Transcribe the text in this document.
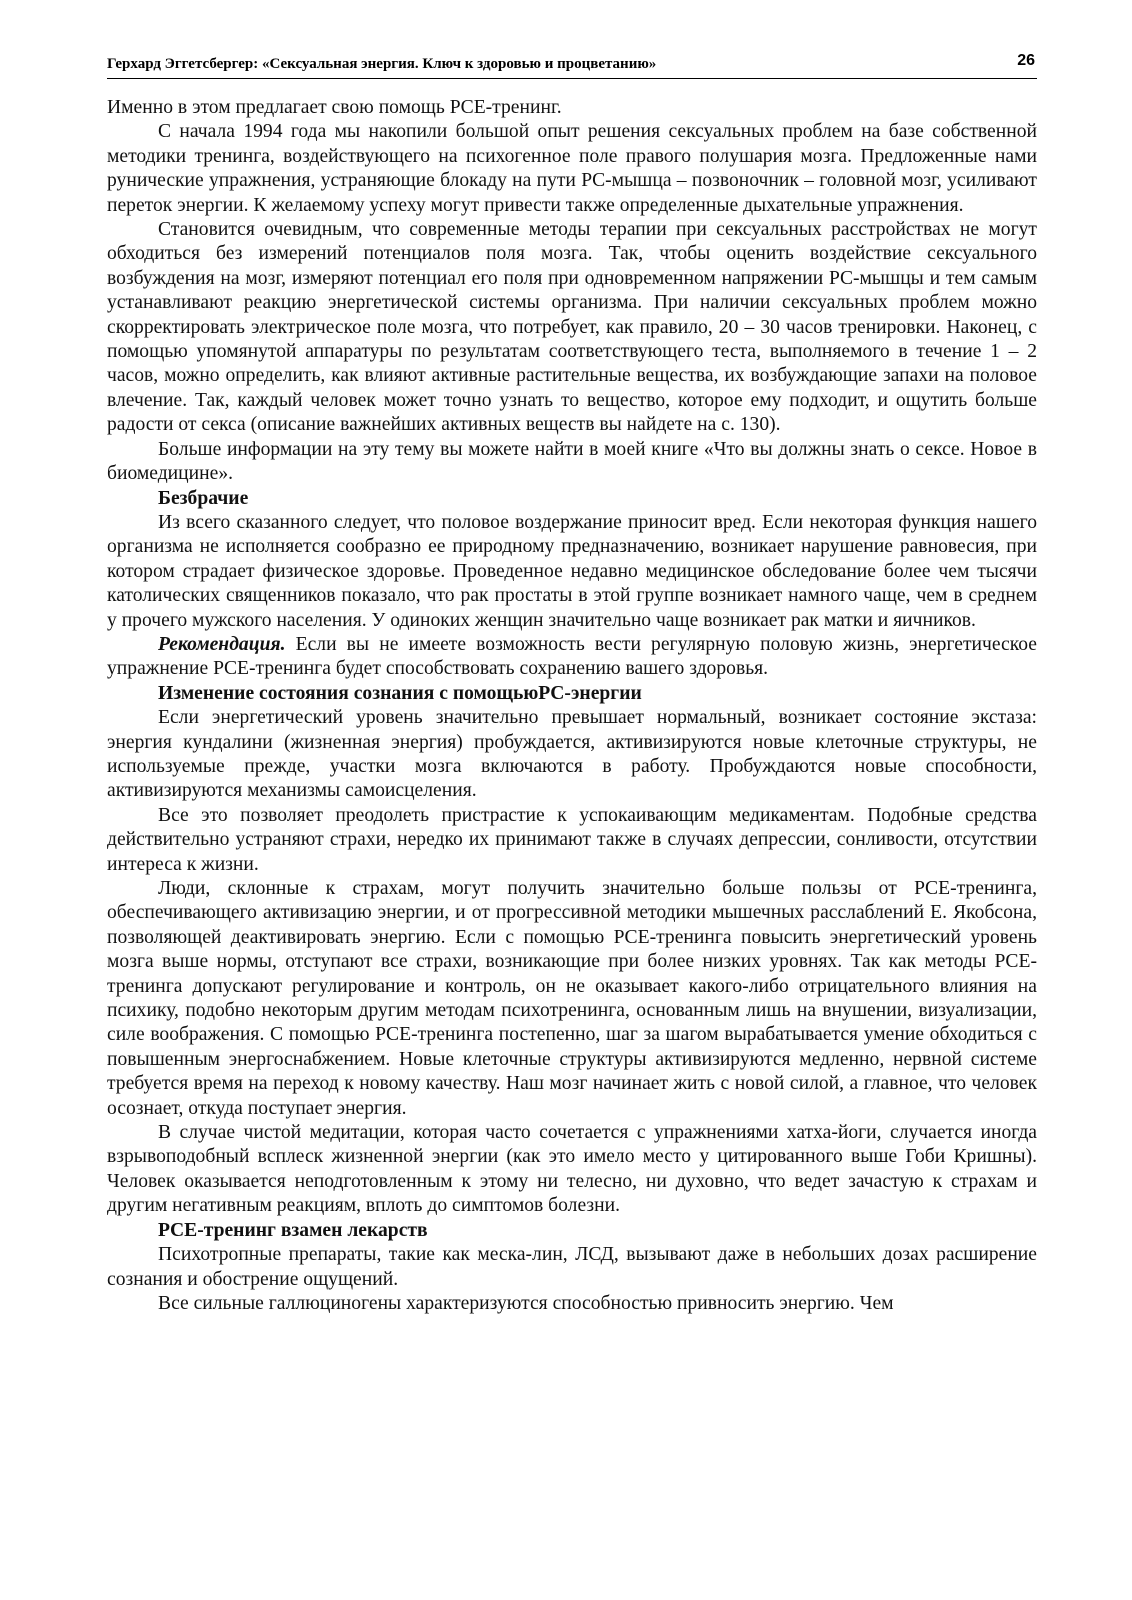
Герхард Эггетсбергер: «Сексуальная энергия. Ключ к здоровью и процветанию»	26

Именно в этом предлагает свою помощь PCE-тренинг.

С начала 1994 года мы накопили большой опыт решения сексуальных проблем на базе собственной методики тренинга, воздействующего на психогенное поле правого полушария мозга. Предложенные нами рунические упражнения, устраняющие блокаду на пути PC-мышца – позвоночник – головной мозг, усиливают переток энергии. К желаемому успеху могут привести также определенные дыхательные упражнения.

Становится очевидным, что современные методы терапии при сексуальных расстройствах не могут обходиться без измерений потенциалов поля мозга. Так, чтобы оценить воздействие сексуального возбуждения на мозг, измеряют потенциал его поля при одновременном напряжении PC-мышцы и тем самым устанавливают реакцию энергетической системы организма. При наличии сексуальных проблем можно скорректировать электрическое поле мозга, что потребует, как правило, 20 – 30 часов тренировки. Наконец, с помощью упомянутой аппаратуры по результатам соответствующего теста, выполняемого в течение 1 – 2 часов, можно определить, как влияют активные растительные вещества, их возбуждающие запахи на половое влечение. Так, каждый человек может точно узнать то вещество, которое ему подходит, и ощутить больше радости от секса (описание важнейших активных веществ вы найдете на с. 130).

Больше информации на эту тему вы можете найти в моей книге «Что вы должны знать о сексе. Новое в биомедицине».

Безбрачие

Из всего сказанного следует, что половое воздержание приносит вред. Если некоторая функция нашего организма не исполняется сообразно ее природному предназначению, возникает нарушение равновесия, при котором страдает физическое здоровье. Проведенное недавно медицинское обследование более чем тысячи католических священников показало, что рак простаты в этой группе возникает намного чаще, чем в среднем у прочего мужского населения. У одиноких женщин значительно чаще возникает рак матки и яичников.

Рекомендация. Если вы не имеете возможность вести регулярную половую жизнь, энергетическое упражнение PCE-тренинга будет способствовать сохранению вашего здоровья.

Изменение состояния сознания с помощьюPC-энергии

Если энергетический уровень значительно превышает нормальный, возникает состояние экстаза: энергия кундалини (жизненная энергия) пробуждается, активизируются новые клеточные структуры, не используемые прежде, участки мозга включаются в работу. Пробуждаются новые способности, активизируются механизмы самоисцеления.

Все это позволяет преодолеть пристрастие к успокаивающим медикаментам. Подобные средства действительно устраняют страхи, нередко их принимают также в случаях депрессии, сонливости, отсутствии интереса к жизни.

Люди, склонные к страхам, могут получить значительно больше пользы от PCE-тренинга, обеспечивающего активизацию энергии, и от прогрессивной методики мышечных расслаблений Е. Якобсона, позволяющей деактивировать энергию. Если с помощью PCE-тренинга повысить энергетический уровень мозга выше нормы, отступают все страхи, возникающие при более низких уровнях. Так как методы PCE-тренинга допускают регулирование и контроль, он не оказывает какого-либо отрицательного влияния на психику, подобно некоторым другим методам психотренинга, основанным лишь на внушении, визуализации, силе воображения. С помощью PCE-тренинга постепенно, шаг за шагом вырабатывается умение обходиться с повышенным энергоснабжением. Новые клеточные структуры активизируются медленно, нервной системе требуется время на переход к новому качеству. Наш мозг начинает жить с новой силой, а главное, что человек осознает, откуда поступает энергия.

В случае чистой медитации, которая часто сочетается с упражнениями хатха-йоги, случается иногда взрывоподобный всплеск жизненной энергии (как это имело место у цитированного выше Гоби Кришны). Человек оказывается неподготовленным к этому ни телесно, ни духовно, что ведет зачастую к страхам и другим негативным реакциям, вплоть до симптомов болезни.

PCE-тренинг взамен лекарств

Психотропные препараты, такие как меска-лин, ЛСД, вызывают даже в небольших дозах расширение сознания и обострение ощущений.

Все сильные галлюциногены характеризуются способностью привносить энергию. Чем
